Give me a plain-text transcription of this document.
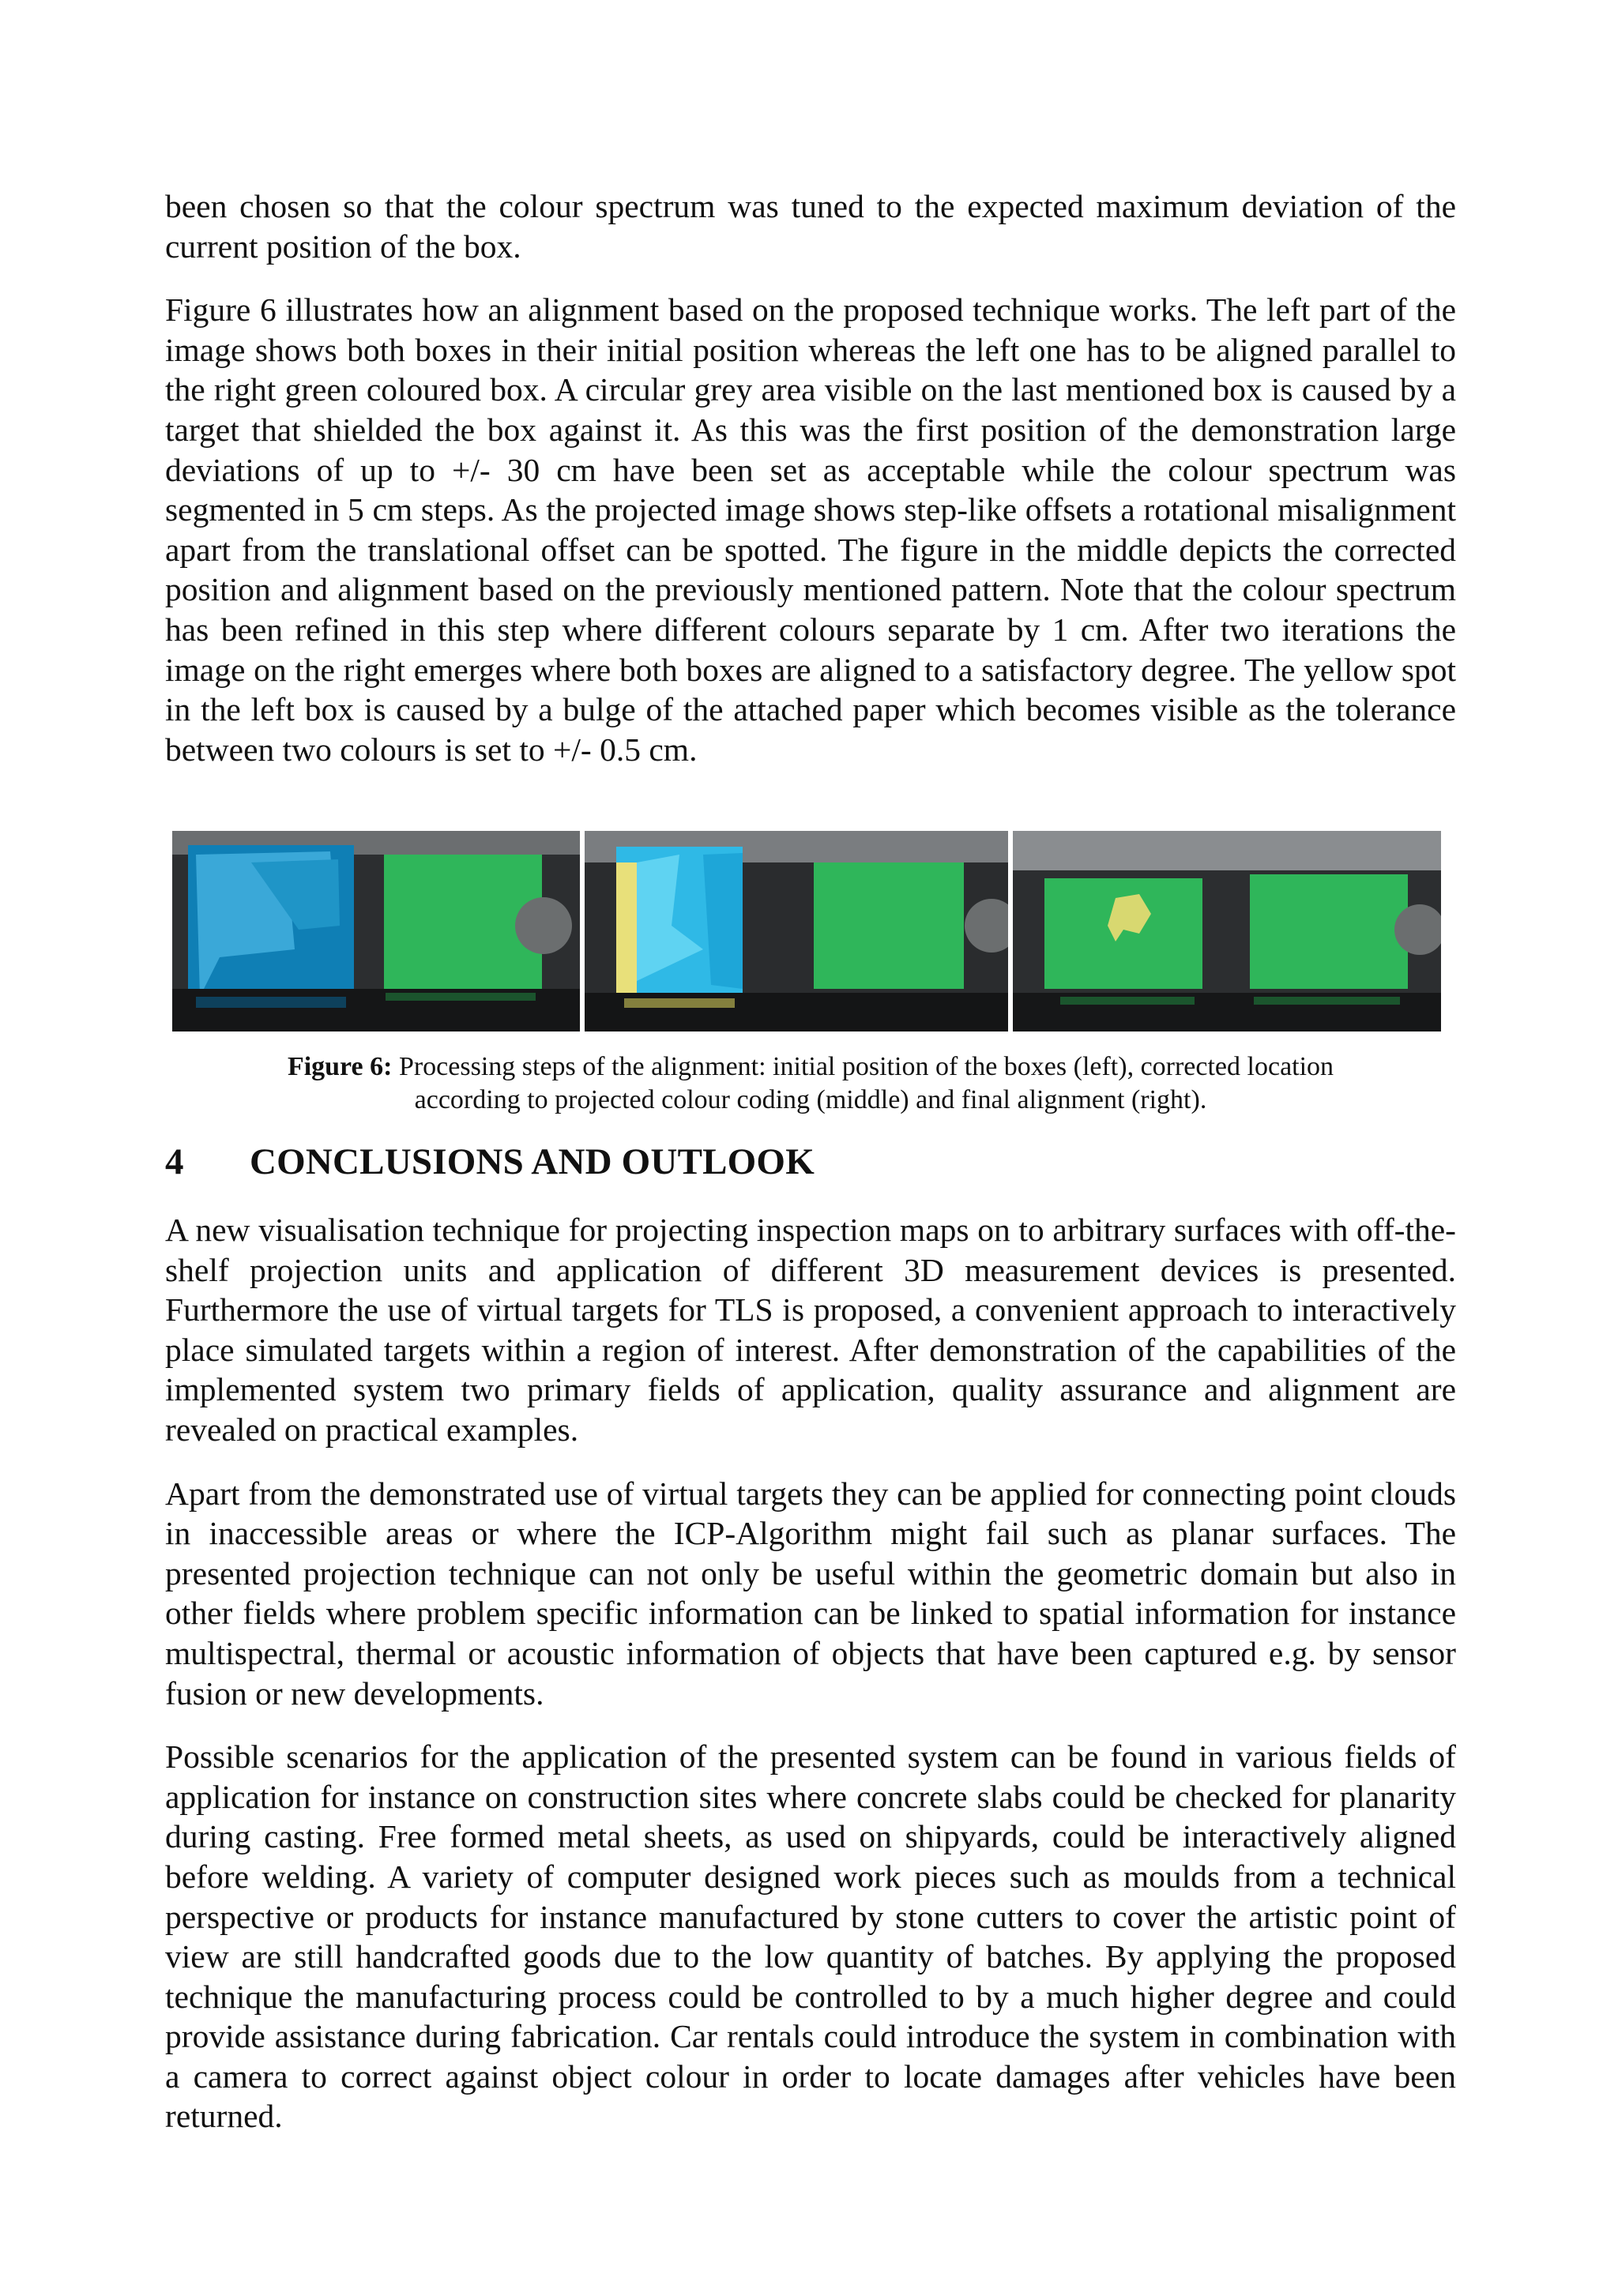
been chosen so that the colour spectrum was tuned to the expected maximum deviation of the current position of the box.

Figure 6 illustrates how an alignment based on the proposed technique works. The left part of the image shows both boxes in their initial position whereas the left one has to be aligned parallel to the right green coloured box. A circular grey area visible on the last mentioned box is caused by a target that shielded the box against it. As this was the first position of the demonstration large deviations of up to +/- 30 cm have been set as acceptable while the colour spectrum was segmented in 5 cm steps. As the projected image shows step-like offsets a rotational misalignment apart from the translational offset can be spotted. The figure in the middle depicts the corrected position and alignment based on the previously mentioned pattern. Note that the colour spectrum has been refined in this step where different colours separate by 1 cm. After two iterations the image on the right emerges where both boxes are aligned to a satisfactory degree. The yellow spot in the left box is caused by a bulge of the attached paper which becomes visible as the tolerance between two colours is set to +/- 0.5 cm.

Figure 6: Processing steps of the alignment: initial position of the boxes (left), corrected location
according to projected colour coding (middle) and final alignment (right).
4 CONCLUSIONS AND OUTLOOK

A new visualisation technique for projecting inspection maps on to arbitrary surfaces with off-the-shelf projection units and application of different 3D measurement devices is presented. Furthermore the use of virtual targets for TLS is proposed, a convenient approach to interactively place simulated targets within a region of interest. After demonstration of the capabilities of the implemented system two primary fields of application, quality assurance and alignment are revealed on practical examples.

Apart from the demonstrated use of virtual targets they can be applied for connecting point clouds in inaccessible areas or where the ICP-Algorithm might fail such as planar surfaces. The presented projection technique can not only be useful within the geometric domain but also in other fields where problem specific information can be linked to spatial information for instance multispectral, thermal or acoustic information of objects that have been captured e.g. by sensor fusion or new developments.

Possible scenarios for the application of the presented system can be found in various fields of application for instance on construction sites where concrete slabs could be checked for planarity during casting. Free formed metal sheets, as used on shipyards, could be interactively aligned before welding. A variety of computer designed work pieces such as moulds from a technical perspective or products for instance manufactured by stone cutters to cover the artistic point of view are still handcrafted goods due to the low quantity of batches. By applying the proposed technique the manufacturing process could be controlled to by a much higher degree and could provide assistance during fabrication. Car rentals could introduce the system in combination with a camera to correct against object colour in order to locate damages after vehicles have been returned.
